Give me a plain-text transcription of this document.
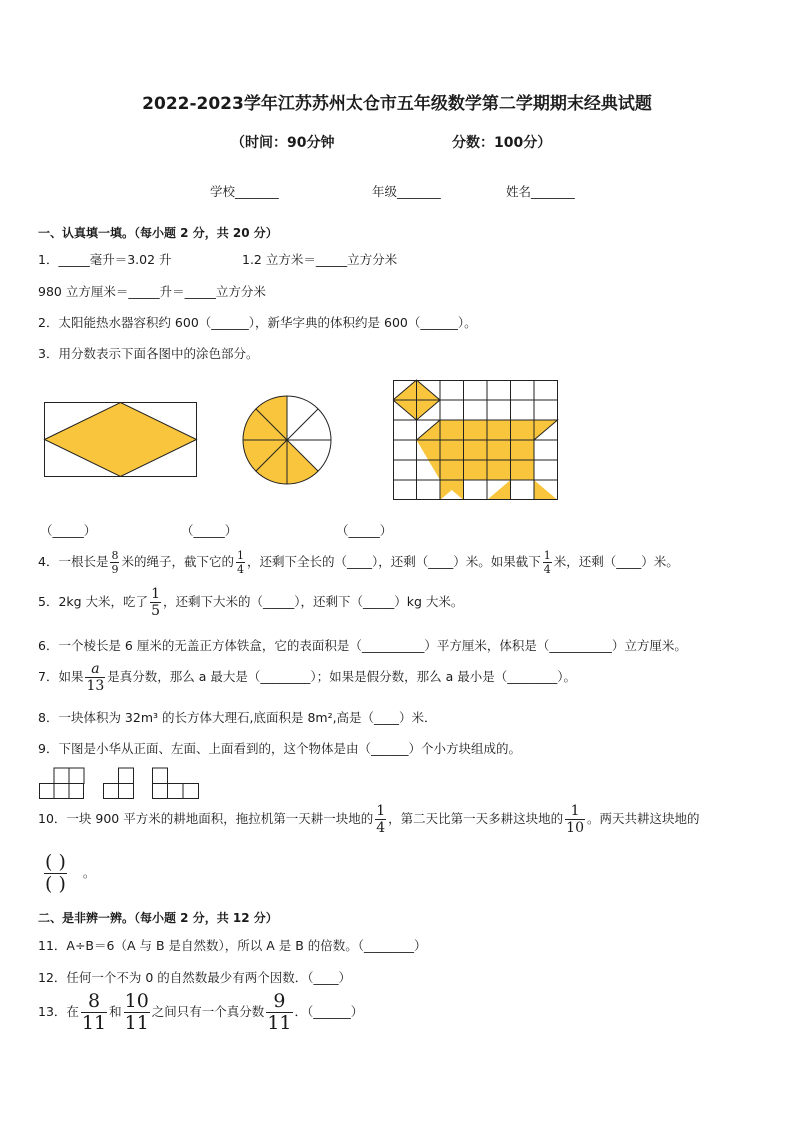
2022-2023学年江苏苏州太仓市五年级数学第二学期期末经典试题
（时间：90分钟	分数：100分）
学校_______	年级_______	姓名_______
一、认真填一填。（每小题 2 分，共 20 分）
1．_____毫升＝3.02 升	1.2 立方米＝_____立方分米
980 立方厘米＝_____升＝_____立方分米
2．太阳能热水器容积约 600（______），新华字典的体积约是 600（______）。
3．用分数表示下面各图中的涂色部分。
（_____）	（_____）	（_____）
4．一根长是 $\frac{8}{9}$ 米的绳子，截下它的 $\frac{1}{4}$ ，还剩下全长的（____），还剩（____）米。如果截下 $\frac{1}{4}$ 米，还剩（____）米。
5．2kg 大米，吃了 $\frac{1}{5}$ ，还剩下大米的（_____），还剩下（_____）kg 大米。
6．一个棱长是 6 厘米的无盖正方体铁盒，它的表面积是（__________）平方厘米，体积是（__________）立方厘米。
7．如果 $\frac{a}{13}$ 是真分数，那么 a 最大是（________）；如果是假分数，那么 a 最小是（________）。
8．一块体积为 32m³ 的长方体大理石,底面积是 8m²,高是（____）米．
9．下图是小华从正面、左面、上面看到的，这个物体是由（______）个小方块组成的。
10．一块 900 平方米的耕地面积，拖拉机第一天耕一块地的 $\frac{1}{4}$ ，第二天比第一天多耕这块地的 $\frac{1}{10}$ 。两天共耕这块地的
( )
( )
。
二、是非辨一辨。（每小题 2 分，共 12 分）
11．A÷B＝6（A 与 B 是自然数），所以 A 是 B 的倍数。（________）
12．任何一个不为 0 的自然数最少有两个因数．（____）
13．在 $\frac{8}{11}$ 和 $\frac{10}{11}$ 之间只有一个真分数 $\frac{9}{11}$ ．（______）
